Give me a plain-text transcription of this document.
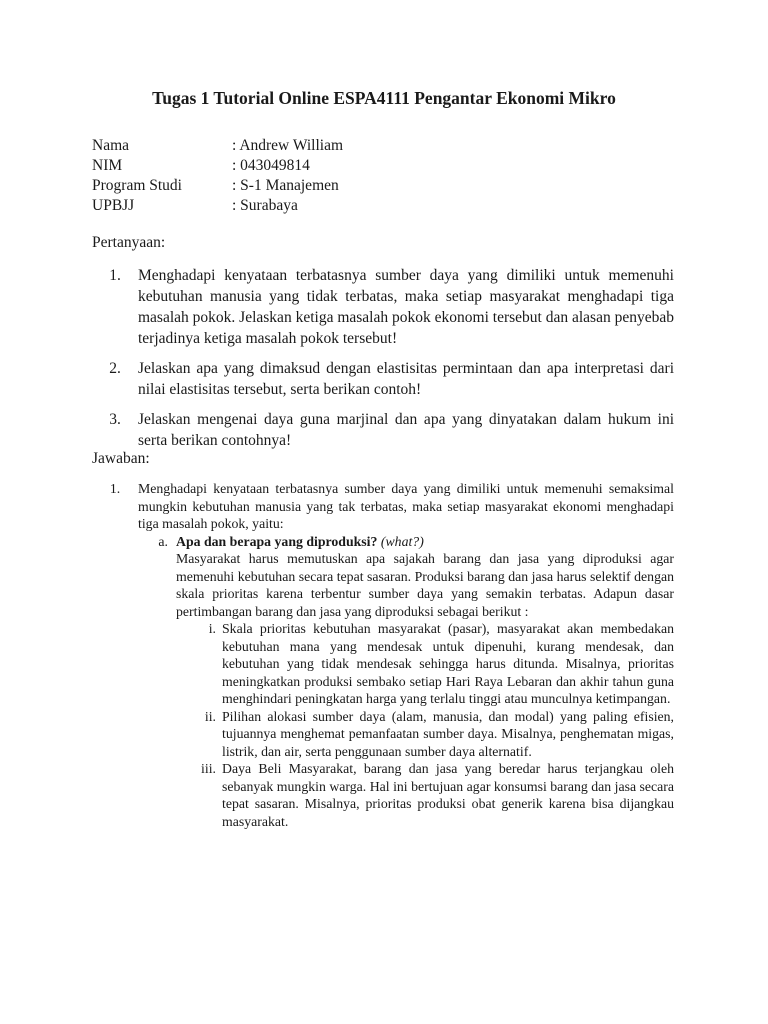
Tugas 1 Tutorial Online ESPA4111 Pengantar Ekonomi Mikro
Nama	: Andrew William
NIM	: 043049814
Program Studi	: S-1 Manajemen
UPBJJ	: Surabaya
Pertanyaan:
1.	Menghadapi kenyataan terbatasnya sumber daya yang dimiliki untuk memenuhi kebutuhan manusia yang tidak terbatas, maka setiap masyarakat menghadapi tiga masalah pokok. Jelaskan ketiga masalah pokok ekonomi tersebut dan alasan penyebab terjadinya ketiga masalah pokok tersebut!
2.	Jelaskan apa yang dimaksud dengan elastisitas permintaan dan apa interpretasi dari nilai elastisitas tersebut, serta berikan contoh!
3.	Jelaskan mengenai daya guna marjinal dan apa yang dinyatakan dalam hukum ini serta berikan contohnya!
Jawaban:
1.	Menghadapi kenyataan terbatasnya sumber daya yang dimiliki untuk memenuhi semaksimal mungkin kebutuhan manusia yang tak terbatas, maka setiap masyarakat ekonomi menghadapi tiga masalah pokok, yaitu:
a. Apa dan berapa yang diproduksi? (what?)
Masyarakat harus memutuskan apa sajakah barang dan jasa yang diproduksi agar memenuhi kebutuhan secara tepat sasaran. Produksi barang dan jasa harus selektif dengan skala prioritas karena terbentur sumber daya yang semakin terbatas. Adapun dasar pertimbangan barang dan jasa yang diproduksi sebagai berikut :
i. Skala prioritas kebutuhan masyarakat (pasar), masyarakat akan membedakan kebutuhan mana yang mendesak untuk dipenuhi, kurang mendesak, dan kebutuhan yang tidak mendesak sehingga harus ditunda. Misalnya, prioritas meningkatkan produksi sembako setiap Hari Raya Lebaran dan akhir tahun guna menghindari peningkatan harga yang terlalu tinggi atau munculnya ketimpangan.
ii. Pilihan alokasi sumber daya (alam, manusia, dan modal) yang paling efisien, tujuannya menghemat pemanfaatan sumber daya. Misalnya, penghematan migas, listrik, dan air, serta penggunaan sumber daya alternatif.
iii. Daya Beli Masyarakat, barang dan jasa yang beredar harus terjangkau oleh sebanyak mungkin warga. Hal ini bertujuan agar konsumsi barang dan jasa secara tepat sasaran. Misalnya, prioritas produksi obat generik karena bisa dijangkau masyarakat.
